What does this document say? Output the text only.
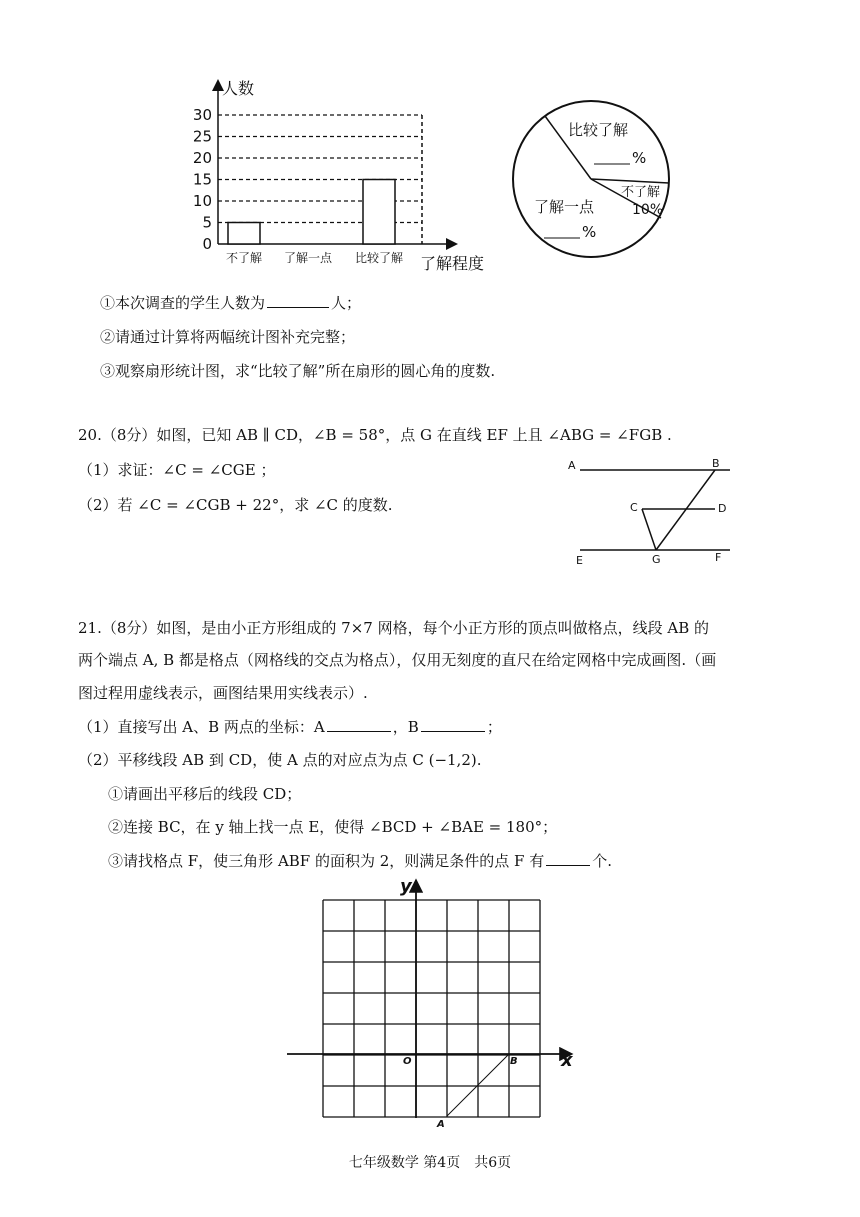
人数
0
5
10
15
20
25
30
不了解 了解一点 比较了解 了解程度
比较了解
%
了解一点
%
不了解
10%
①本次调查的学生人数为	人；
②请通过计算将两幅统计图补充完整；
③观察扇形统计图，求“比较了解”所在扇形的圆心角的度数.
20.（8分）如图，已知 AB ∥ CD，∠B = 58°，点 G 在直线 EF 上且 ∠ABG = ∠FGB .
（1）求证：∠C = ∠CGE ；
（2）若 ∠C = ∠CGB + 22°，求 ∠C 的度数.
A	B
C	D
E	G	F
21.（8分）如图，是由小正方形组成的 7×7 网格，每个小正方形的顶点叫做格点，线段 AB 的
两个端点 A, B 都是格点（网格线的交点为格点），仅用无刻度的直尺在给定网格中完成画图.（画
图过程用虚线表示，画图结果用实线表示）.
（1）直接写出 A、B 两点的坐标：A	，B	；
（2）平移线段 AB 到 CD，使 A 点的对应点为点 C (−1,2).
①请画出平移后的线段 CD；
②连接 BC，在 y 轴上找一点 E，使得 ∠BCD + ∠BAE = 180°；
③请找格点 F，使三角形 ABF 的面积为 2，则满足条件的点 F 有	个.
y
x
O	B
A
七年级数学 第4页　共6页
